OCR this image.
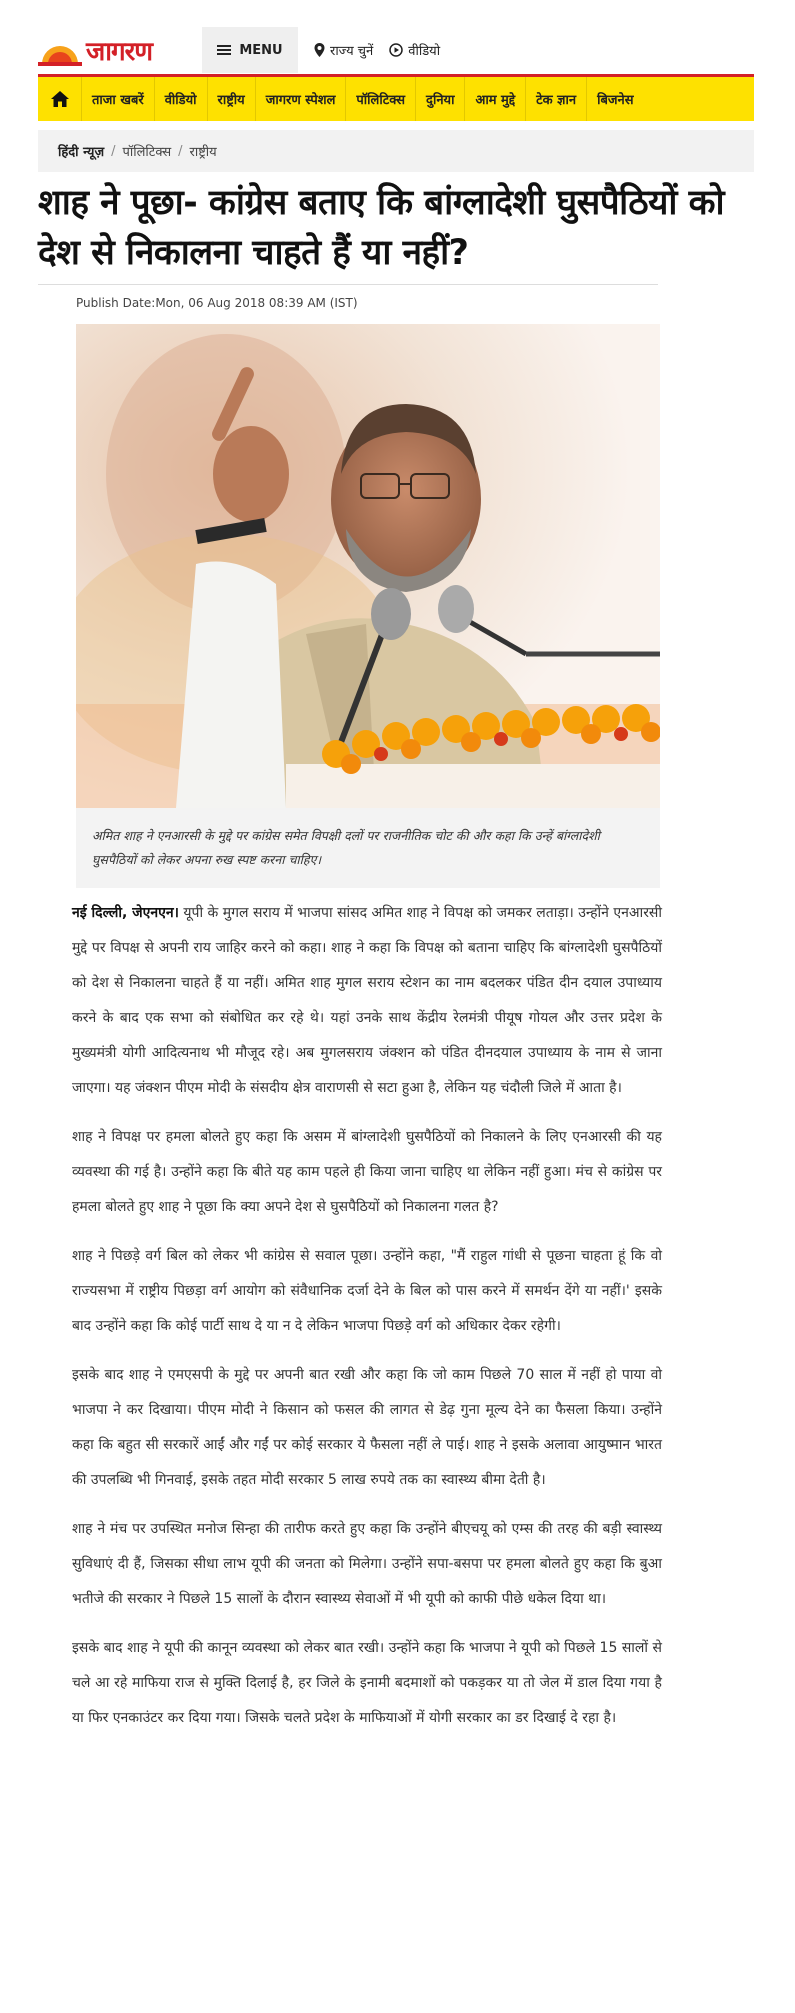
जागरण	MENU	राज्य चुनें	वीडियो
ताजा खबरें	वीडियो	राष्ट्रीय	जागरण स्पेशल	पॉलिटिक्स	दुनिया	आम मुद्दे	टेक ज्ञान	बिजनेस
हिंदी न्यूज़ / पॉलिटिक्स / राष्ट्रीय
शाह ने पूछा- कांग्रेस बताए कि बांग्लादेशी घुसपैठियों को देश से निकालना चाहते हैं या नहीं?
Publish Date:Mon, 06 Aug 2018 08:39 AM (IST)

अमित शाह ने एनआरसी के मुद्दे पर कांग्रेस समेत विपक्षी दलों पर राजनीतिक चोट की और कहा कि उन्हें बांग्लादेशी घुसपैठियों को लेकर अपना रुख स्पष्ट करना चाहिए।

नई दिल्ली, जेएनएन। यूपी के मुगल सराय में भाजपा सांसद अमित शाह ने विपक्ष को जमकर लताड़ा। उन्होंने एनआरसी मुद्दे पर विपक्ष से अपनी राय जाहिर करने को कहा। शाह ने कहा कि विपक्ष को बताना चाहिए कि बांग्लादेशी घुसपैठियों को देश से निकालना चाहते हैं या नहीं। अमित शाह मुगल सराय स्टेशन का नाम बदलकर पंडित दीन दयाल उपाध्याय करने के बाद एक सभा को संबोधित कर रहे थे। यहां उनके साथ केंद्रीय रेलमंत्री पीयूष गोयल और उत्तर प्रदेश के मुख्यमंत्री योगी आदित्यनाथ भी मौजूद रहे। अब मुगलसराय जंक्शन को पंडित दीनदयाल उपाध्याय के नाम से जाना जाएगा। यह जंक्शन पीएम मोदी के संसदीय क्षेत्र वाराणसी से सटा हुआ है, लेकिन यह चंदौली जिले में आता है।

शाह ने विपक्ष पर हमला बोलते हुए कहा कि असम में बांग्लादेशी घुसपैठियों को निकालने के लिए एनआरसी की यह व्यवस्था की गई है। उन्होंने कहा कि बीते यह काम पहले ही किया जाना चाहिए था लेकिन नहीं हुआ। मंच से कांग्रेस पर हमला बोलते हुए शाह ने पूछा कि क्या अपने देश से घुसपैठियों को निकालना गलत है?

शाह ने पिछड़े वर्ग बिल को लेकर भी कांग्रेस से सवाल पूछा। उन्होंने कहा, "मैं राहुल गांधी से पूछना चाहता हूं कि वो राज्यसभा में राष्ट्रीय पिछड़ा वर्ग आयोग को संवैधानिक दर्जा देने के बिल को पास करने में समर्थन देंगे या नहीं।' इसके बाद उन्होंने कहा कि कोई पार्टी साथ दे या न दे लेकिन भाजपा पिछड़े वर्ग को अधिकार देकर रहेगी।

इसके बाद शाह ने एमएसपी के मुद्दे पर अपनी बात रखी और कहा कि जो काम पिछले 70 साल में नहीं हो पाया वो भाजपा ने कर दिखाया। पीएम मोदी ने किसान को फसल की लागत से डेढ़ गुना मूल्य देने का फैसला किया। उन्होंने कहा कि बहुत सी सरकारें आईं और गईं पर कोई सरकार ये फैसला नहीं ले पाई। शाह ने इसके अलावा आयुष्मान भारत की उपलब्धि भी गिनवाई, इसके तहत मोदी सरकार 5 लाख रुपये तक का स्वास्थ्य बीमा देती है।

शाह ने मंच पर उपस्थित मनोज सिन्हा की तारीफ करते हुए कहा कि उन्होंने बीएचयू को एम्स की तरह की बड़ी स्वास्थ्य सुविधाएं दी हैं, जिसका सीधा लाभ यूपी की जनता को मिलेगा। उन्होंने सपा-बसपा पर हमला बोलते हुए कहा कि बुआ भतीजे की सरकार ने पिछले 15 सालों के दौरान स्वास्थ्य सेवाओं में भी यूपी को काफी पीछे धकेल दिया था।

इसके बाद शाह ने यूपी की कानून व्यवस्था को लेकर बात रखी। उन्होंने कहा कि भाजपा ने यूपी को पिछले 15 सालों से चले आ रहे माफिया राज से मुक्ति दिलाई है, हर जिले के इनामी बदमाशों को पकड़कर या तो जेल में डाल दिया गया है या फिर एनकाउंटर कर दिया गया। जिसके चलते प्रदेश के माफियाओं में योगी सरकार का डर दिखाई दे रहा है।
